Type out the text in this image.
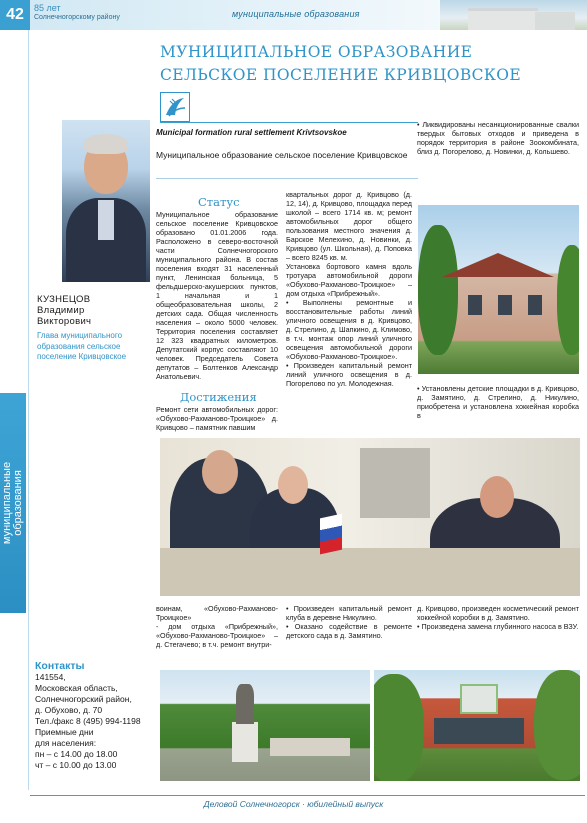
42	85 лет
Солнечногорскому району	муниципальные образования
муниципальные образования
МУНИЦИПАЛЬНОЕ ОБРАЗОВАНИЕ
СЕЛЬСКОЕ ПОСЕЛЕНИЕ КРИВЦОВСКОЕ
КУЗНЕЦОВ
Владимир
Викторович
Глава муниципального образования сельское поселение Кривцовское
Municipal formation rural settlement Krivtsovskoe
Муниципальное образование сельское поселение Кривцовское
Статус
Муниципальное образование сельское поселение Кривцовское образовано 01.01.2006 года. Расположено в северо-восточной части Солнечногорского муниципального района. В состав поселения входят 31 населенный пункт, Ленинская больница, 5 фельдшерско-акушерских пунктов, 1 начальная и 1 общеобразовательная школы, 2 детских сада. Общая численность населения – около 5000 человек. Территория поселения составляет 12 323 квадратных километров. Депутатский корпус составляют 10 человек. Председатель Совета депутатов – Болтенков Александр Анатольевич.
Достижения
Ремонт сети автомобильных дорог: «Обухово-Рахманово-Троицкое» д. Кривцово – памятник павшим
квартальных дорог д. Кривцово (д. 12, 14), д. Кривцово, площадка перед школой – всего 1714 кв. м; ремонт автомобильных дорог общего пользования местного значения д. Барское Мелехино, д. Новинки, д. Кривцово (ул. Школьная), д. Поповка – всего 8245 кв. м.
Установка бортового камня вдоль тротуара автомобильной дороги «Обухово-Рахманово-Троицкое» – дом отдыха «Прибрежный».
• Выполнены ремонтные и восстановительные работы линий уличного освещения в д. Кривцово, д. Стрелино, д. Шапкино, д. Климово, в т.ч. монтаж опор линий уличного освещения автомобильной дороги «Обухово-Рахманово-Троицкое».
• Произведен капитальный ремонт линий уличного освещения в д. Погорелово по ул. Молодежная.
• Ликвидированы несанкционированные свалки твердых бытовых отходов и приведена в порядок территория в районе Зоокомбината, близ д. Погорелово, д. Новинки, д. Кольшево.
• Установлены детские площадки в д. Кривцово, д. Замятино, д. Стрелино, д. Никулино, приобретена и установлена хоккейная коробка в
воинам, «Обухово-Рахманово-Троицкое»
- дом отдыха «Прибрежный», «Обухово-Рахманово-Троицкое» – д. Стегачево; в т.ч. ремонт внутри-
• Произведен капитальный ремонт клуба в деревне Никулино.
• Оказано содействие в ремонте детского сада в д. Замятино.
д. Кривцово, произведен косметический ремонт хоккейной коробки в д. Замятино.
• Произведена замена глубинного насоса в ВЗУ.
Контакты
141554,
Московская область,
Солнечногорский район,
д. Обухово, д. 70
Тел./факс 8 (495) 994-1198
Приемные дни
для населения:
пн – с 14.00 до 18.00
чт – с 10.00 до 13.00
Деловой Солнечногорск · юбилейный выпуск
